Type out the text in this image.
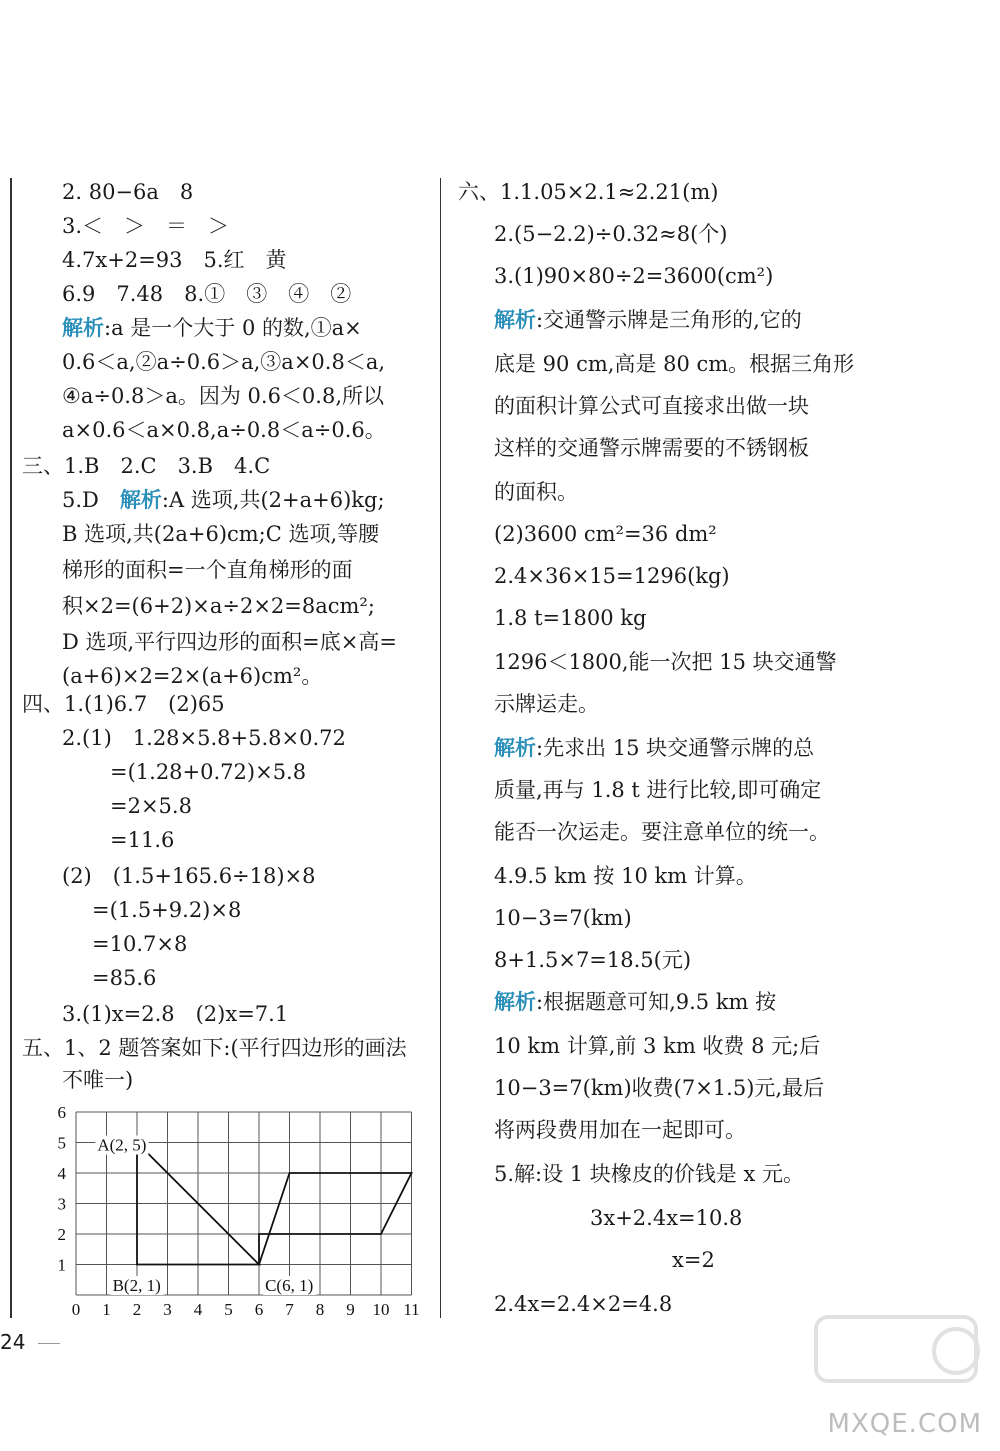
2. 80−6a　8
3.＜　＞　＝　＞
4.7x+2=93　5.红　黄
6.9　7.48　8.①　③　④　②
解析:a 是一个大于 0 的数,①a×
0.6＜a,②a÷0.6＞a,③a×0.8＜a,
④a÷0.8＞a。因为 0.6＜0.8,所以
a×0.6＜a×0.8,a÷0.8＜a÷0.6。
三、1.B　2.C　3.B　4.C
5.D　解析:A 选项,共(2+a+6)kg;
B 选项,共(2a+6)cm;C 选项,等腰
梯形的面积=一个直角梯形的面
积×2=(6+2)×a÷2×2=8acm²;
D 选项,平行四边形的面积=底×高=
(a+6)×2=2×(a+6)cm²。
四、1.(1)6.7　(2)65
2.(1)　1.28×5.8+5.8×0.72
=(1.28+0.72)×5.8
=2×5.8
=11.6
(2)　(1.5+165.6÷18)×8
=(1.5+9.2)×8
=10.7×8
=85.6
3.(1)x=2.8　(2)x=7.1
五、1、2 题答案如下:(平行四边形的画法
不唯一)
0 1 2 3 4 5 6 7 8 9 10 11
1
2
3
4
5
6
A(2, 5)
B(2, 1)	C(6, 1)
六、1.1.05×2.1≈2.21(m)
2.(5−2.2)÷0.32≈8(个)
3.(1)90×80÷2=3600(cm²)
解析:交通警示牌是三角形的,它的
底是 90 cm,高是 80 cm。根据三角形
的面积计算公式可直接求出做一块
这样的交通警示牌需要的不锈钢板
的面积。
(2)3600 cm²=36 dm²
2.4×36×15=1296(kg)
1.8 t=1800 kg
1296＜1800,能一次把 15 块交通警
示牌运走。
解析:先求出 15 块交通警示牌的总
质量,再与 1.8 t 进行比较,即可确定
能否一次运走。要注意单位的统一。
4.9.5 km 按 10 km 计算。
10−3=7(km)
8+1.5×7=18.5(元)
解析:根据题意可知,9.5 km 按
10 km 计算,前 3 km 收费 8 元;后
10−3=7(km)收费(7×1.5)元,最后
将两段费用加在一起即可。
5.解:设 1 块橡皮的价钱是 x 元。
3x+2.4x=10.8
x=2
2.4x=2.4×2=4.8
24
MXQE.COM
